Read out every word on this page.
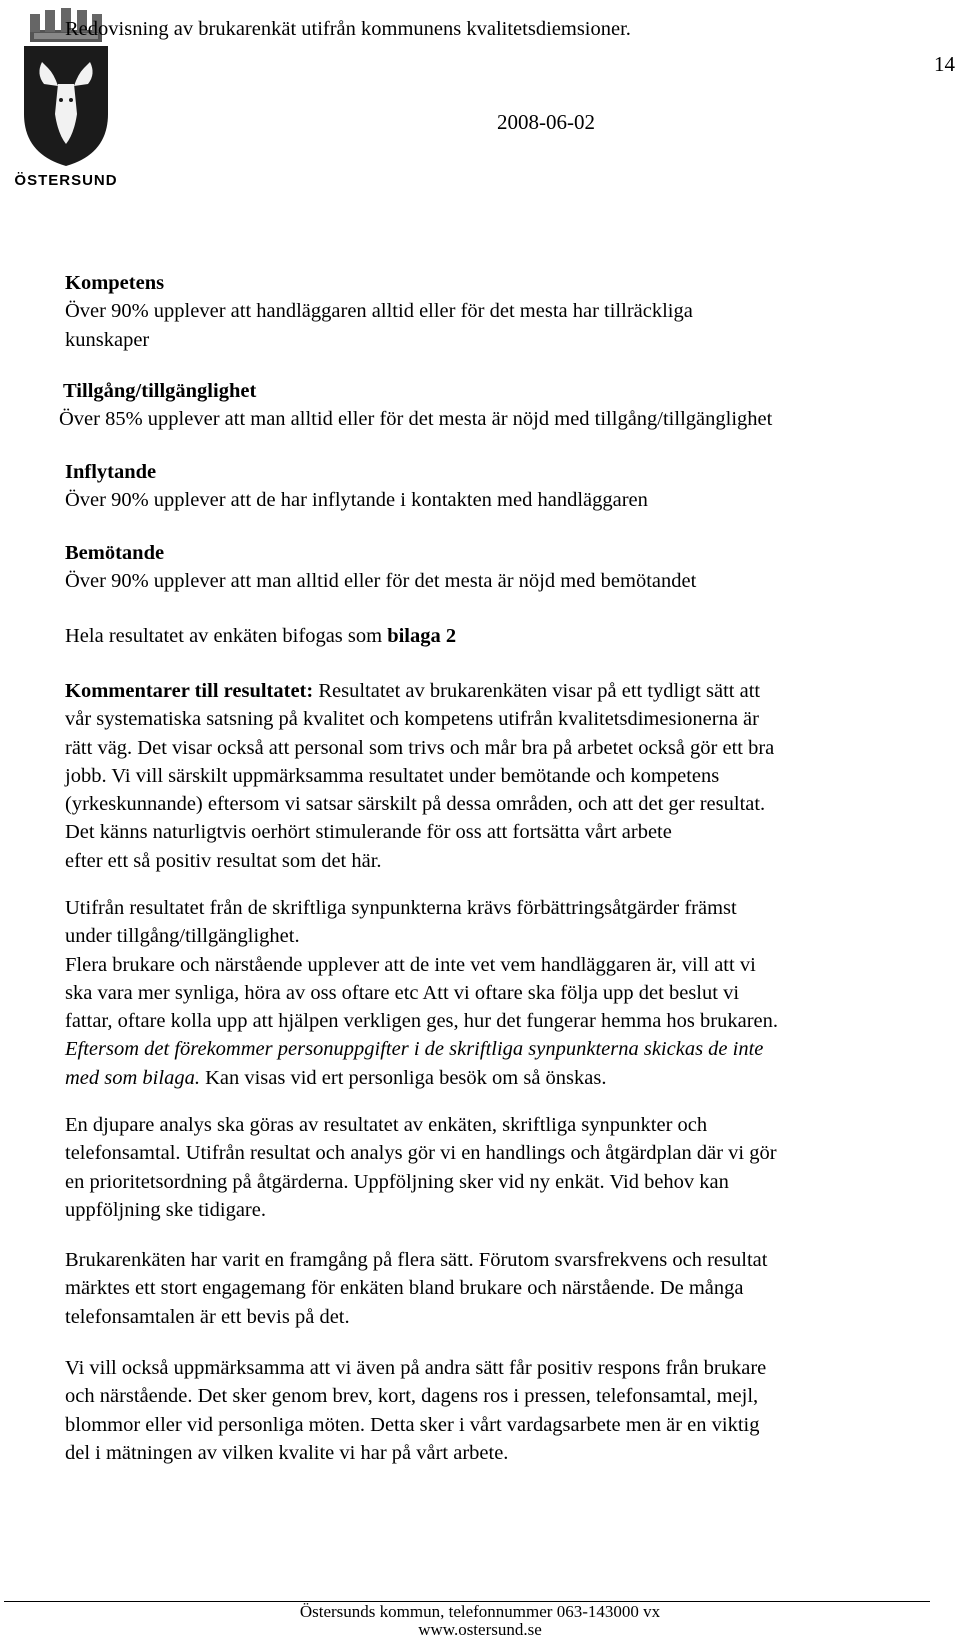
ÖSTERSUND
14
2008-06-02

Redovisning av brukarenkät utifrån kommunens kvalitetsdiemsioner.

Kompetens

Över 90% upplever att handläggaren alltid eller för det mesta har tillräckliga

kunskaper

Tillgång/tillgänglighet

Över 85% upplever att man alltid eller för det mesta är nöjd med tillgång/tillgänglighet

Inflytande

Över 90% upplever att de har inflytande i kontakten med handläggaren

Bemötande

Över 90% upplever att man alltid eller för det mesta är nöjd med bemötandet

Hela resultatet av enkäten bifogas som bilaga 2

Kommentarer till resultatet: Resultatet av brukarenkäten visar på ett tydligt sätt att

vår systematiska satsning på kvalitet och kompetens utifrån kvalitetsdimesionerna är

rätt väg. Det visar också att personal som trivs och mår bra på arbetet också gör ett bra

jobb. Vi vill särskilt uppmärksamma resultatet under bemötande och kompetens

(yrkeskunnande) eftersom vi satsar särskilt på dessa områden, och att det ger resultat.

Det känns naturligtvis oerhört stimulerande för oss att fortsätta vårt arbete

efter ett så positiv resultat som det här.

Utifrån resultatet från de skriftliga synpunkterna krävs förbättringsåtgärder främst

under tillgång/tillgänglighet.

Flera brukare och närstående upplever att de inte vet vem handläggaren är, vill att vi

ska vara mer synliga, höra av oss oftare etc Att vi oftare ska följa upp det beslut vi

fattar, oftare kolla upp att hjälpen verkligen ges, hur det fungerar hemma hos brukaren.

Eftersom det förekommer personuppgifter i de skriftliga synpunkterna skickas de inte

med som bilaga. Kan visas vid ert personliga besök om så önskas.

En djupare analys ska göras av resultatet av enkäten, skriftliga synpunkter och

telefonsamtal. Utifrån resultat och analys gör vi en handlings och åtgärdplan där vi gör

en prioritetsordning på åtgärderna. Uppföljning sker vid ny enkät. Vid behov kan

uppföljning ske tidigare.

Brukarenkäten har varit en framgång på flera sätt. Förutom svarsfrekvens och resultat

märktes ett stort engagemang för enkäten bland brukare och närstående. De många

telefonsamtalen är ett bevis på det.

Vi vill också uppmärksamma att vi även på andra sätt får positiv respons från brukare

och närstående. Det sker genom brev, kort, dagens ros i pressen, telefonsamtal, mejl,

blommor eller vid personliga möten. Detta sker i vårt vardagsarbete men är en viktig

del i mätningen av vilken kvalite vi har på vårt arbete.

Östersunds kommun, telefonnummer 063-143000 vx
www.ostersund.se
